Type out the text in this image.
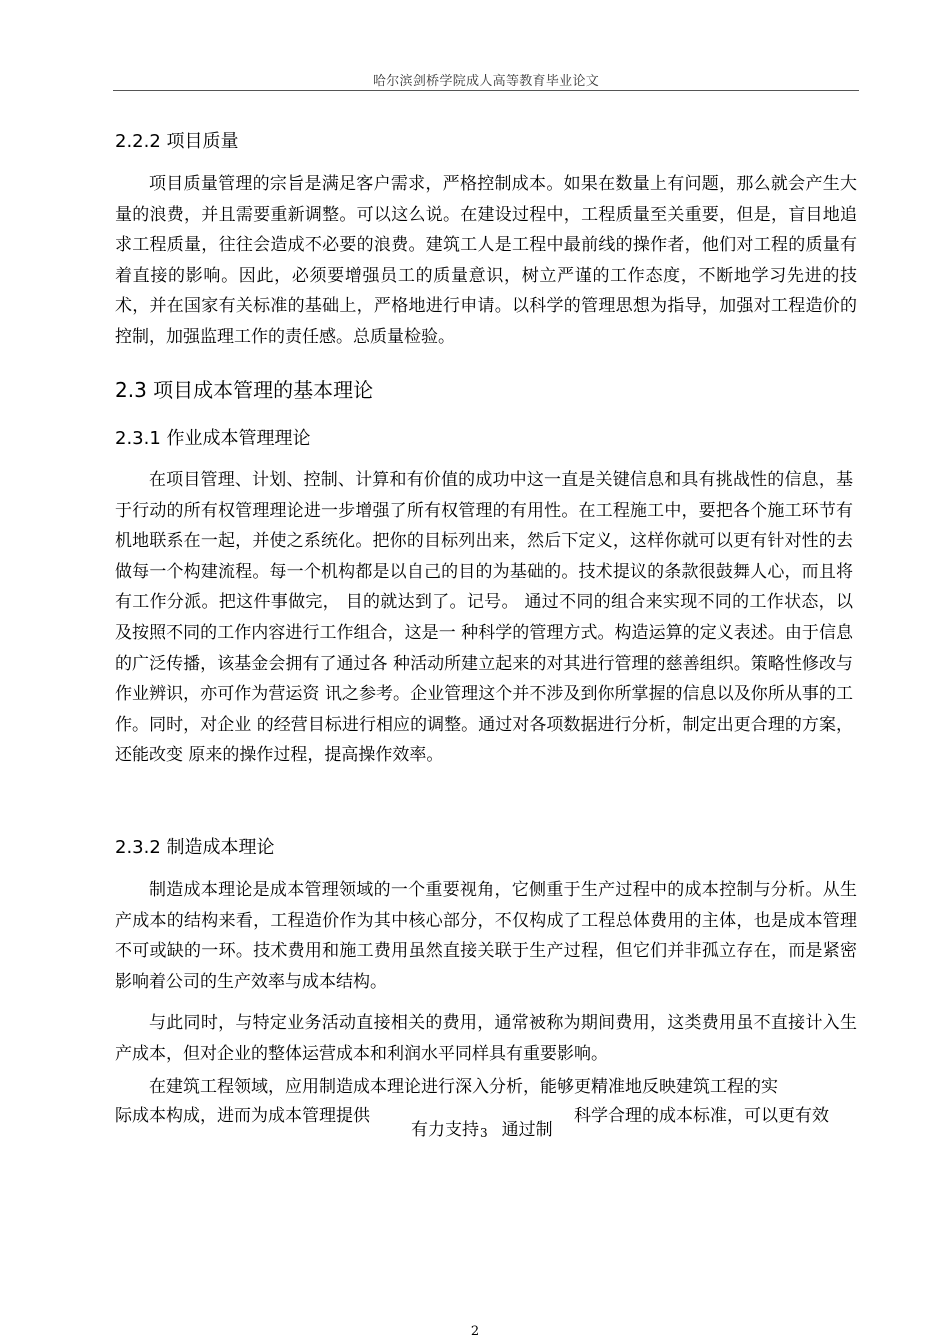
哈尔滨剑桥学院成人高等教育毕业论文
2.2.2 项目质量

项目质量管理的宗旨是满足客户需求，严格控制成本。如果在数量上有问题，那么就会产生大量的浪费，并且需要重新调整。可以这么说。在建设过程中，工程质量至关重要，但是，盲目地追求工程质量，往往会造成不必要的浪费。建筑工人是工程中最前线的操作者，他们对工程的质量有着直接的影响。因此，必须要增强员工的质量意识，树立严谨的工作态度，不断地学习先进的技术，并在国家有关标准的基础上，严格地进行申请。以科学的管理思想为指导，加强对工程造价的控制，加强监理工作的责任感。总质量检验。

2.3 项目成本管理的基本理论
2.3.1 作业成本管理理论

在项目管理、计划、控制、计算和有价值的成功中这一直是关键信息和具有挑战性的信息，基于行动的所有权管理理论进一步增强了所有权管理的有用性。在工程施工中，要把各个施工环节有机地联系在一起，并使之系统化。把你的目标列出来，然后下定义，这样你就可以更有针对性的去做每一个构建流程。每一个机构都是以自己的目的为基础的。技术提议的条款很鼓舞人心，而且将有工作分派。把这件事做完， 目的就达到了。记号。 通过不同的组合来实现不同的工作状态，以及按照不同的工作内容进行工作组合，这是一 种科学的管理方式。构造运算的定义表述。由于信息的广泛传播，该基金会拥有了通过各 种活动所建立起来的对其进行管理的慈善组织。策略性修改与作业辨识，亦可作为营运资 讯之参考。企业管理这个并不涉及到你所掌握的信息以及你所从事的工作。同时，对企业 的经营目标进行相应的调整。通过对各项数据进行分析，制定出更合理的方案，还能改变 原来的操作过程，提高操作效率。

2.3.2 制造成本理论

制造成本理论是成本管理领域的一个重要视角，它侧重于生产过程中的成本控制与分析。从生产成本的结构来看，工程造价作为其中核心部分，不仅构成了工程总体费用的主体，也是成本管理不可或缺的一环。技术费用和施工费用虽然直接关联于生产过程，但它们并非孤立存在，而是紧密影响着公司的生产效率与成本结构。

与此同时，与特定业务活动直接相关的费用，通常被称为期间费用，这类费用虽不直接计入生产成本，但对企业的整体运营成本和利润水平同样具有重要影响。

在建筑工程领域，应用制造成本理论进行深入分析，能够更精准地反映建筑工程的实

际成本构成，进而为成本管理提供
有力支持3 通过制
科学合理的成本标准，可以更有效
2
